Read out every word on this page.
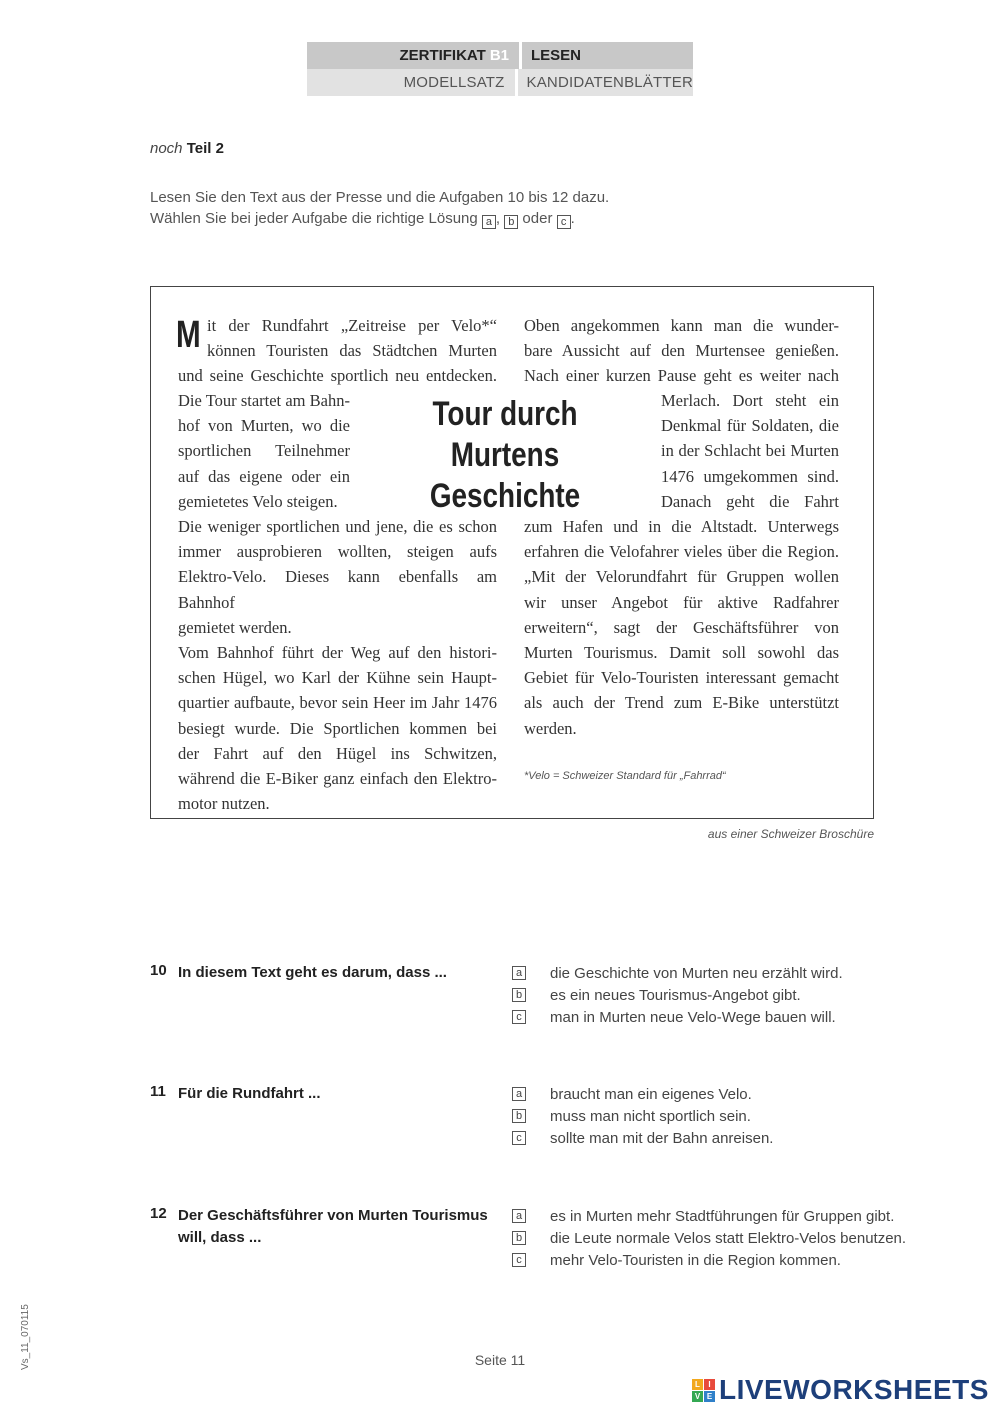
ZERTIFIKAT B1 LESEN
MODELLSATZ KANDIDATENBLÄTTER
noch Teil 2
Lesen Sie den Text aus der Presse und die Aufgaben 10 bis 12 dazu.
Wählen Sie bei jeder Aufgabe die richtige Lösung a , b oder c .
M it der Rundfahrt „Zeitreise per Velo*“
können Touristen das Städtchen Murten
und seine Geschichte sportlich neu entdecken.
Die Tour startet am Bahn-
hof von Murten, wo die
sportlichen Teilnehmer
auf das eigene oder ein
gemietetes Velo steigen.
Die weniger sportlichen und jene, die es schon
immer ausprobieren wollten, steigen aufs
Elektro-Velo. Dieses kann ebenfalls am Bahnhof
gemietet werden.
Vom Bahnhof führt der Weg auf den histori-
schen Hügel, wo Karl der Kühne sein Haupt-
quartier aufbaute, bevor sein Heer im Jahr 1476
besiegt wurde. Die Sportlichen kommen bei
der Fahrt auf den Hügel ins Schwitzen,
während die E-Biker ganz einfach den Elektro-
motor nutzen.
Tour durch
Murtens Geschichte
Oben angekommen kann man die wunder-
bare Aussicht auf den Murtensee genießen.
Nach einer kurzen Pause geht es weiter nach
Merlach. Dort steht ein
Denkmal für Soldaten, die
in der Schlacht bei Murten
1476 umgekommen sind.
Danach geht die Fahrt
zum Hafen und in die Altstadt. Unterwegs
erfahren die Velofahrer vieles über die Region.
„Mit der Velorundfahrt für Gruppen wollen
wir unser Angebot für aktive Radfahrer
erweitern“, sagt der Geschäftsführer von
Murten Tourismus. Damit soll sowohl das
Gebiet für Velo-Touristen interessant gemacht
als auch der Trend zum E-Bike unterstützt
werden.
*Velo = Schweizer Standard für „Fahrrad“
aus einer Schweizer Broschüre
10 In diesem Text geht es darum, dass ...	a die Geschichte von Murten neu erzählt wird.
b es ein neues Tourismus-Angebot gibt.
c man in Murten neue Velo-Wege bauen will.
11 Für die Rundfahrt ...	a braucht man ein eigenes Velo.
b muss man nicht sportlich sein.
c sollte man mit der Bahn anreisen.
12 Der Geschäftsführer von Murten Tourismus will, dass ...
a es in Murten mehr Stadtführungen für Gruppen gibt.
b die Leute normale Velos statt Elektro-Velos benutzen.
c mehr Velo-Touristen in die Region kommen.
Vs_11_070115	Seite 11
L	I
V E LIVEWORKSHEETS
